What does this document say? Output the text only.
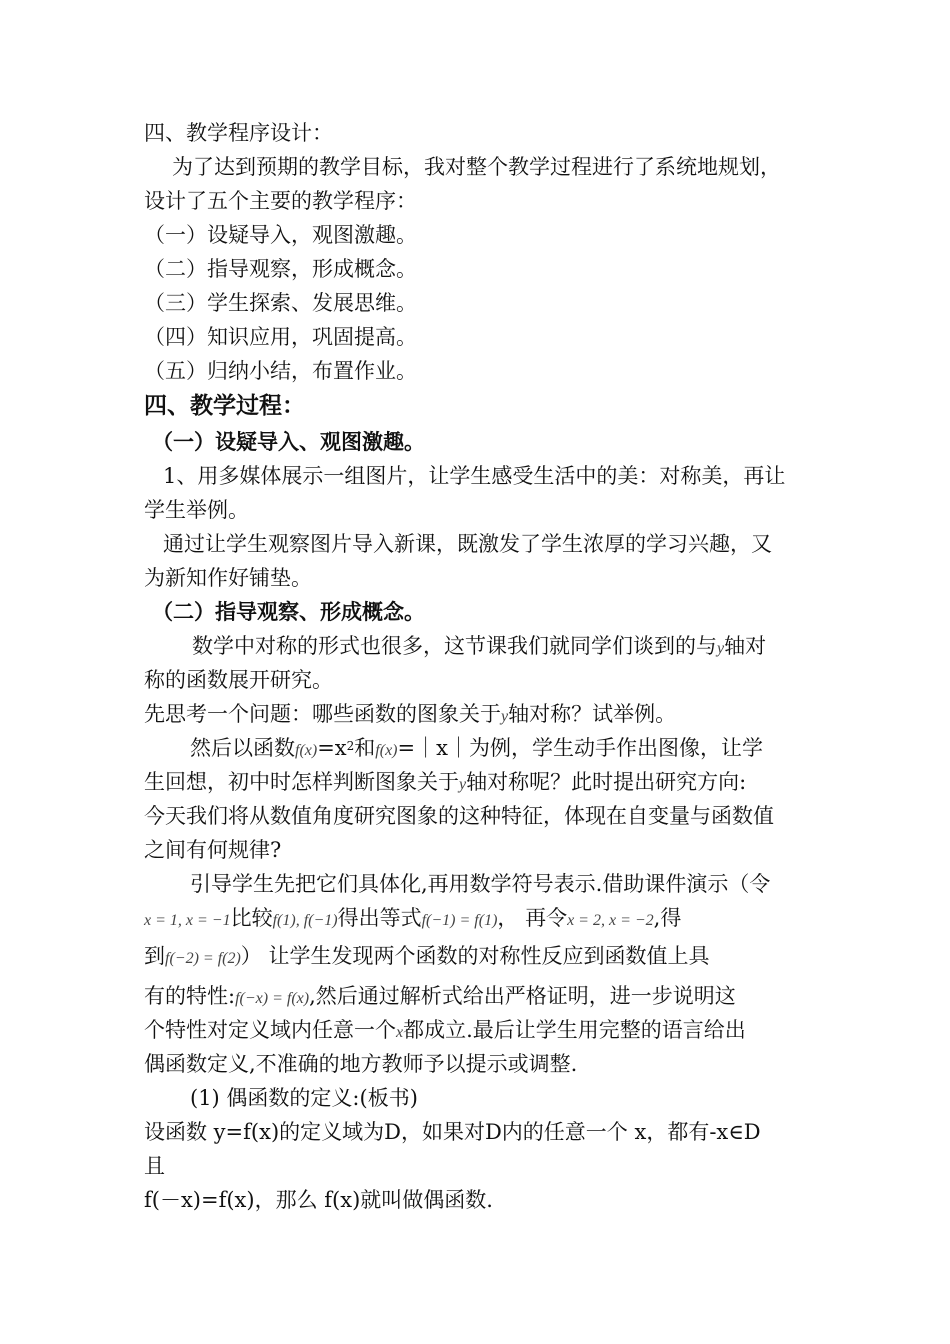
四、教学程序设计：
为了达到预期的教学目标，我对整个教学过程进行了系统地规划，
设计了五个主要的教学程序：
（一）设疑导入，观图激趣。
（二）指导观察，形成概念。
（三）学生探索、发展思维。
（四）知识应用，巩固提高。
（五）归纳小结，布置作业。
四、教学过程：
（一）设疑导入、观图激趣。
1、用多媒体展示一组图片，让学生感受生活中的美：对称美，再让
学生举例。
通过让学生观察图片导入新课，既激发了学生浓厚的学习兴趣，又
为新知作好铺垫。
（二）指导观察、形成概念。
数学中对称的形式也很多，这节课我们就同学们谈到的与y轴对
称的函数展开研究。
先思考一个问题：哪些函数的图象关于y轴对称？试举例。
然后以函数$f(x)=x^2$和f(x)=｜x｜为例，学生动手作出图像，让学
生回想，初中时怎样判断图象关于y轴对称呢？此时提出研究方向:
今天我们将从数值角度研究图象的这种特征，体现在自变量与函数值
之间有何规律?
引导学生先把它们具体化,再用数学符号表示.借助课件演示（令
x = 1, x = −1比较f(1), f(−1)得出等式f(−1) = f(1)， 再令x = 2, x = −2,得
到f(−2) = f(2)） 让学生发现两个函数的对称性反应到函数值上具
有的特性:f(−x) = f(x),然后通过解析式给出严格证明，进一步说明这
个特性对定义域内任意一个x都成立.最后让学生用完整的语言给出
偶函数定义,不准确的地方教师予以提示或调整.
(1) 偶函数的定义:(板书)
设函数 y=f(x)的定义域为D，如果对D内的任意一个 x，都有-x∈D
且
f(－x)=f(x)，那么 f(x)就叫做偶函数.
